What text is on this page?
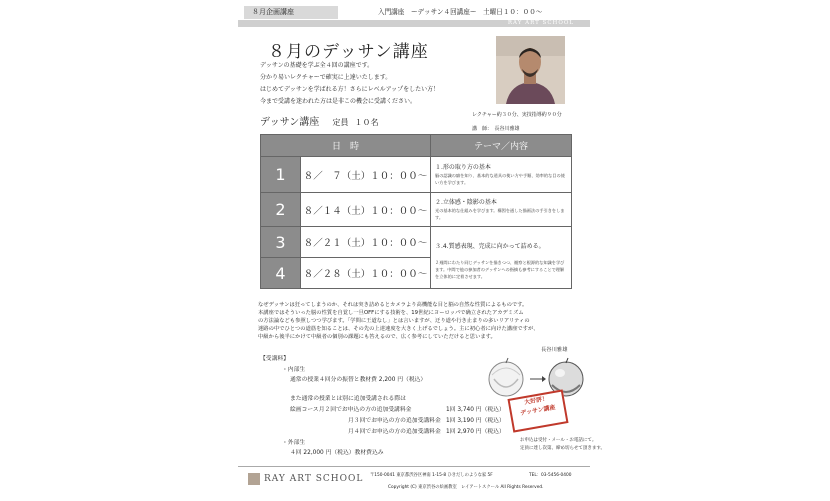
８月企画講座	入門講座　ーデッサン４回講座ー　土曜日１０：００〜
RAY ART SCHOOL
８月のデッサン講座
デッサンの基礎を学ぶ全４回の講座です。
分かり易いレクチャーで確実に上達いたします。
はじめてデッサンを学ばれる方！さらにレベルアップをしたい方！
今まで受講を迷われた方は是非この機会に受講ください。
レクチャー約３０分、実技指導約９０分
講　師：　長谷川雅雄
デッサン講座 定員 １０名
日　時		テーマ／内容
1	８／　７（土）１０：００〜	１.形の取り方の基本
脳の認識の癖を知り、基本的な道具の使い方や手順、効率的な目の使い方を学びます。

2	８／１４（土）１０：００〜	２.立体感・陰影の基本
光の基本的な仕組みを学びます。構図を通した描画法の手引きをします。

3	８／２１（土）１０：００〜	３.4.質感表現、完成に向かって詰める。
２週間にわたり同じデッサンを描きつつ、観察と根源的な知識を学びます。中間で他の参加者のデッサンへの指摘も参考にすることで理解を立体的に定着させます。

4	８／２８（土）１０：００〜	
なぜデッサンは狂ってしまうのか、それは突き詰めるとカメラより高機能な目と脳の自然な性質によるものです。
本講座ではそういった脳の性質を自覚し一旦OFFにする技術を、19世紀にヨーロッパで确立されたアカデミズム
の方法論なども参照しつつ学びます。「学問に王道なし」とは言いますが、迂り道や行き止まりの多いリアリティの
迷路の中でひとつの道筋を知ることは、その先の上達速度を大きく上げるでしょう。主に初心者に向けた講座ですが、
中級から後半にかけて中級者の個別の課題にも答えるので、広く参考にしていただけると思います。
長谷川雅雄
【受講料】
・内部生
通常の授業４回分の振替と教材費 2,200 円（税込）
また通常の授業とは別に追加受講される際は
絵画コース月２回でお申込の方の追加受講料金	1回 3,740 円（税込）
月３回でお申込の方の追加受講料金 1回 3,190 円（税込）
月４回でお申込の方の追加受講料金 1回 2,970 円（税込）
・外部生
４回 22,000 円（税込）教材費込み
大好評！
デッサン講座
お申込は受付・メール・お電話にて。
定員に達し次第、締め切らせて頂きます。
RAY ART SCHOOL 〒150-0041 東京都渋谷区神南 1-15-8 ひきだしのような家 5F	TEL：03-5456-0400
Copyright (C) 東京渋谷の絵画教室　レイアートスクール All Rights Reserved.
